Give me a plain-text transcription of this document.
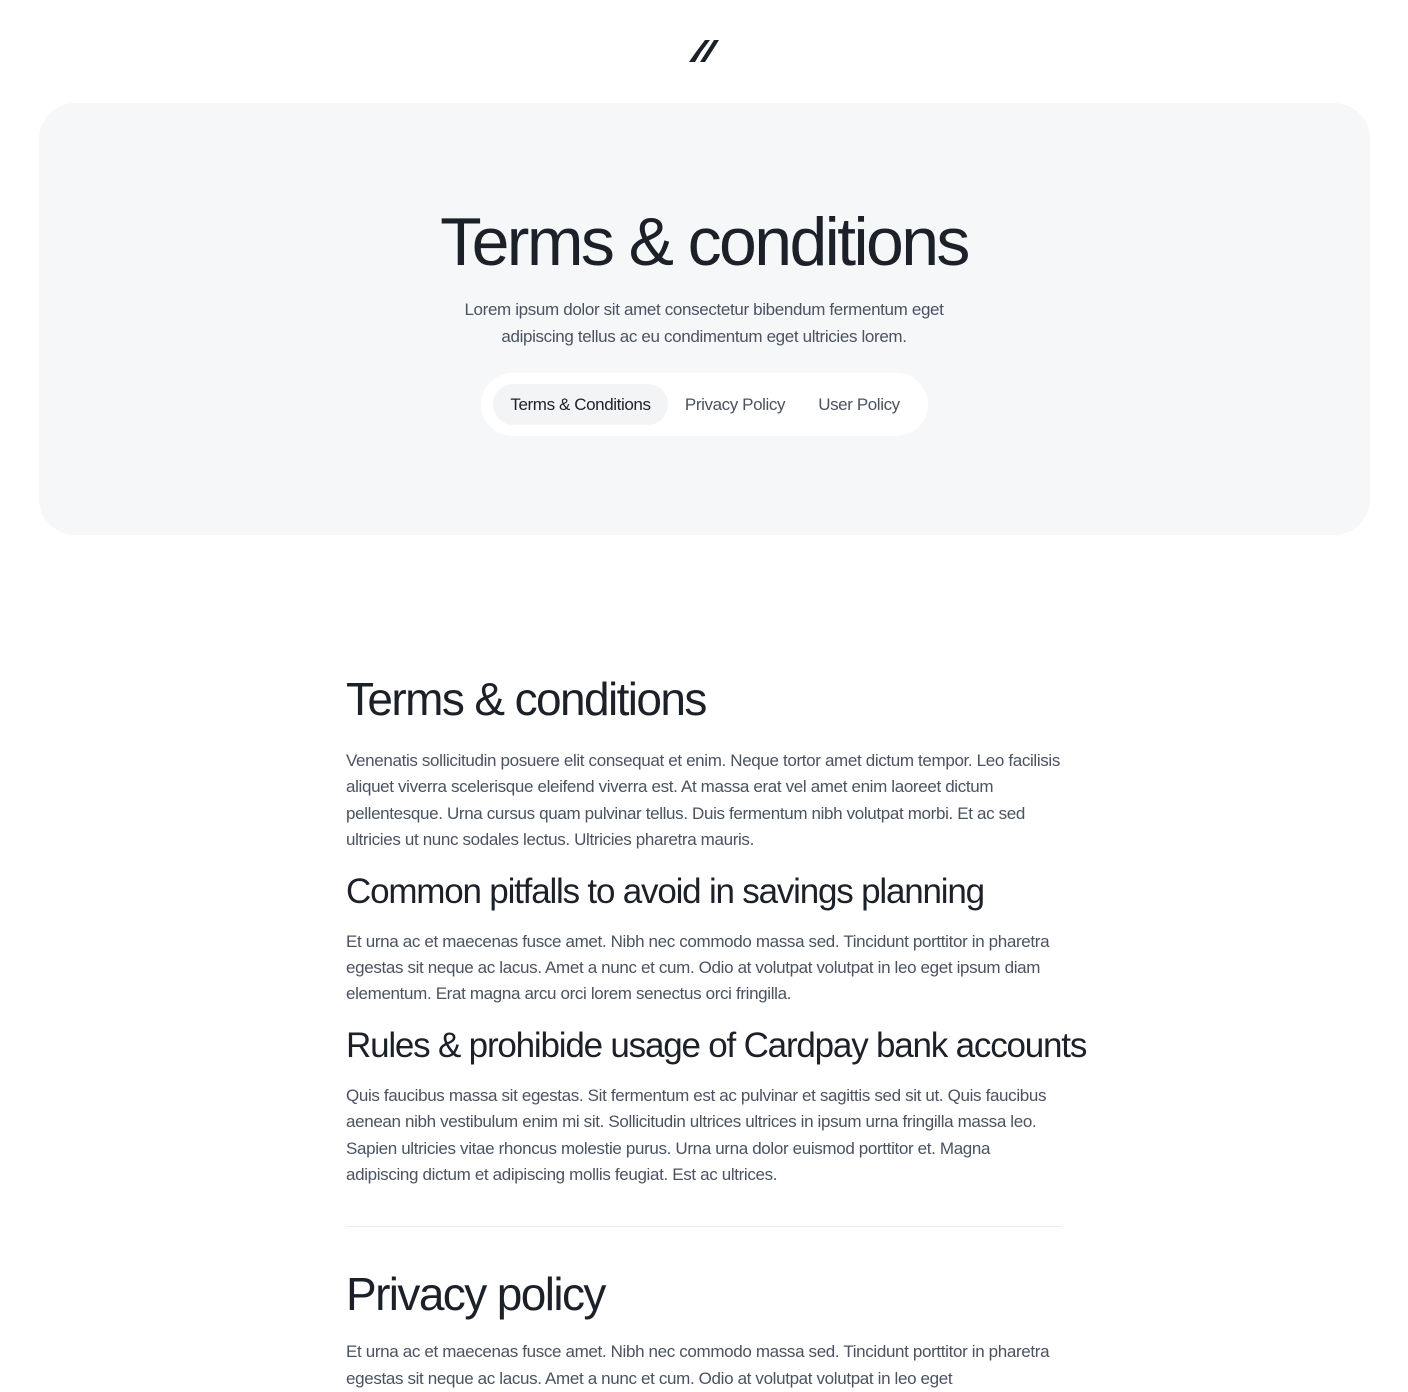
Terms & conditions

Lorem ipsum dolor sit amet consectetur bibendum fermentum eget adipiscing tellus ac eu condimentum eget ultricies lorem.

Terms & Conditions	Privacy Policy	User Policy
Terms & conditions

Venenatis sollicitudin posuere elit consequat et enim. Neque tortor amet dictum tempor. Leo facilisis aliquet viverra scelerisque eleifend viverra est. At massa erat vel amet enim laoreet dictum pellentesque. Urna cursus quam pulvinar tellus. Duis fermentum nibh volutpat morbi. Et ac sed ultricies ut nunc sodales lectus. Ultricies pharetra mauris.

Common pitfalls to avoid in savings planning

Et urna ac et maecenas fusce amet. Nibh nec commodo massa sed. Tincidunt porttitor in pharetra egestas sit neque ac lacus. Amet a nunc et cum. Odio at volutpat volutpat in leo eget ipsum diam elementum. Erat magna arcu orci lorem senectus orci fringilla.

Rules & prohibide usage of Cardpay bank accounts

Quis faucibus massa sit egestas. Sit fermentum est ac pulvinar et sagittis sed sit ut. Quis faucibus aenean nibh vestibulum enim mi sit. Sollicitudin ultrices ultrices in ipsum urna fringilla massa leo. Sapien ultricies vitae rhoncus molestie purus. Urna urna dolor euismod porttitor et. Magna adipiscing dictum et adipiscing mollis feugiat. Est ac ultrices.

Privacy policy

Et urna ac et maecenas fusce amet. Nibh nec commodo massa sed. Tincidunt porttitor in pharetra egestas sit neque ac lacus. Amet a nunc et cum. Odio at volutpat volutpat in leo eget
